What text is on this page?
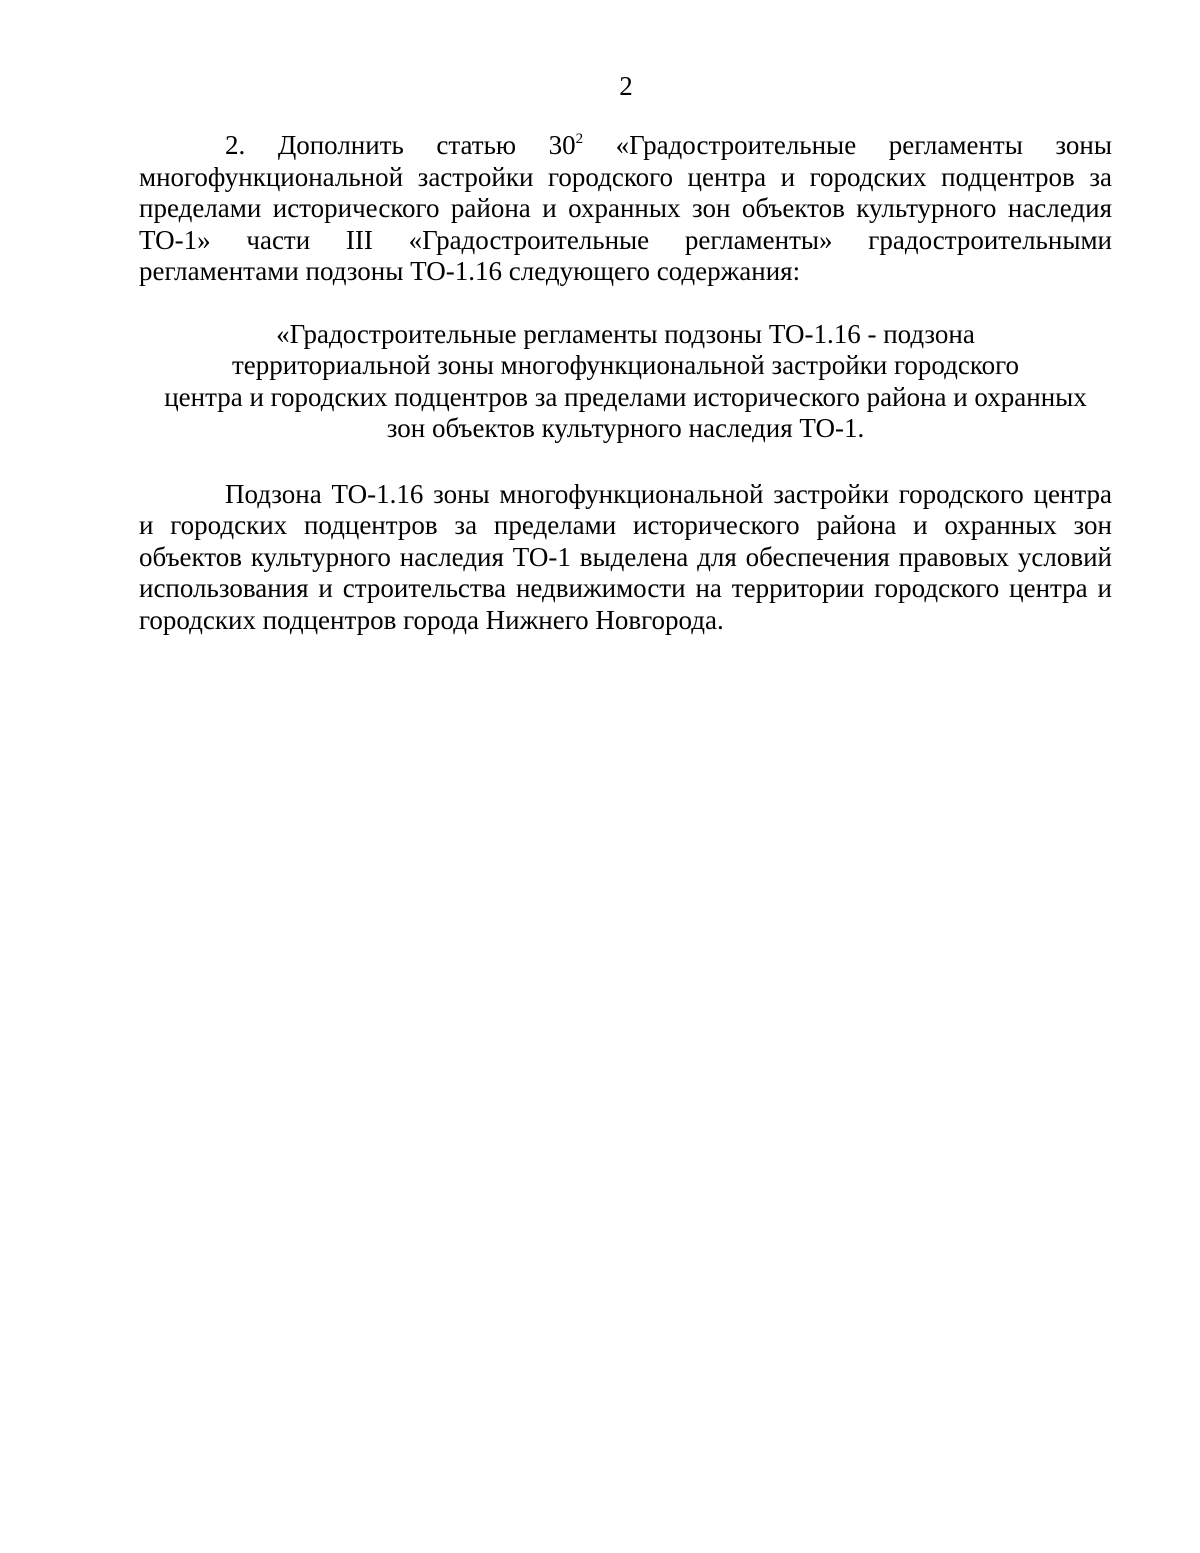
2

2. Дополнить статью $30^2$ «Градостроительные регламенты зоны многофункциональной застройки городского центра и городских подцентров за пределами исторического района и охранных зон объектов культурного наследия ТО-1» части III «Градостроительные регламенты» градостроительными регламентами подзоны ТО-1.16 следующего содержания:

«Градостроительные регламенты подзоны ТО-1.16 - подзона
территориальной зоны многофункциональной застройки городского
центра и городских подцентров за пределами исторического района и охранных
зон объектов культурного наследия ТО-1.

Подзона ТО-1.16 зоны многофункциональной застройки городского центра и городских подцентров за пределами исторического района и охранных зон объектов культурного наследия ТО-1 выделена для обеспечения правовых условий использования и строительства недвижимости на территории городского центра и городских подцентров города Нижнего Новгорода.
